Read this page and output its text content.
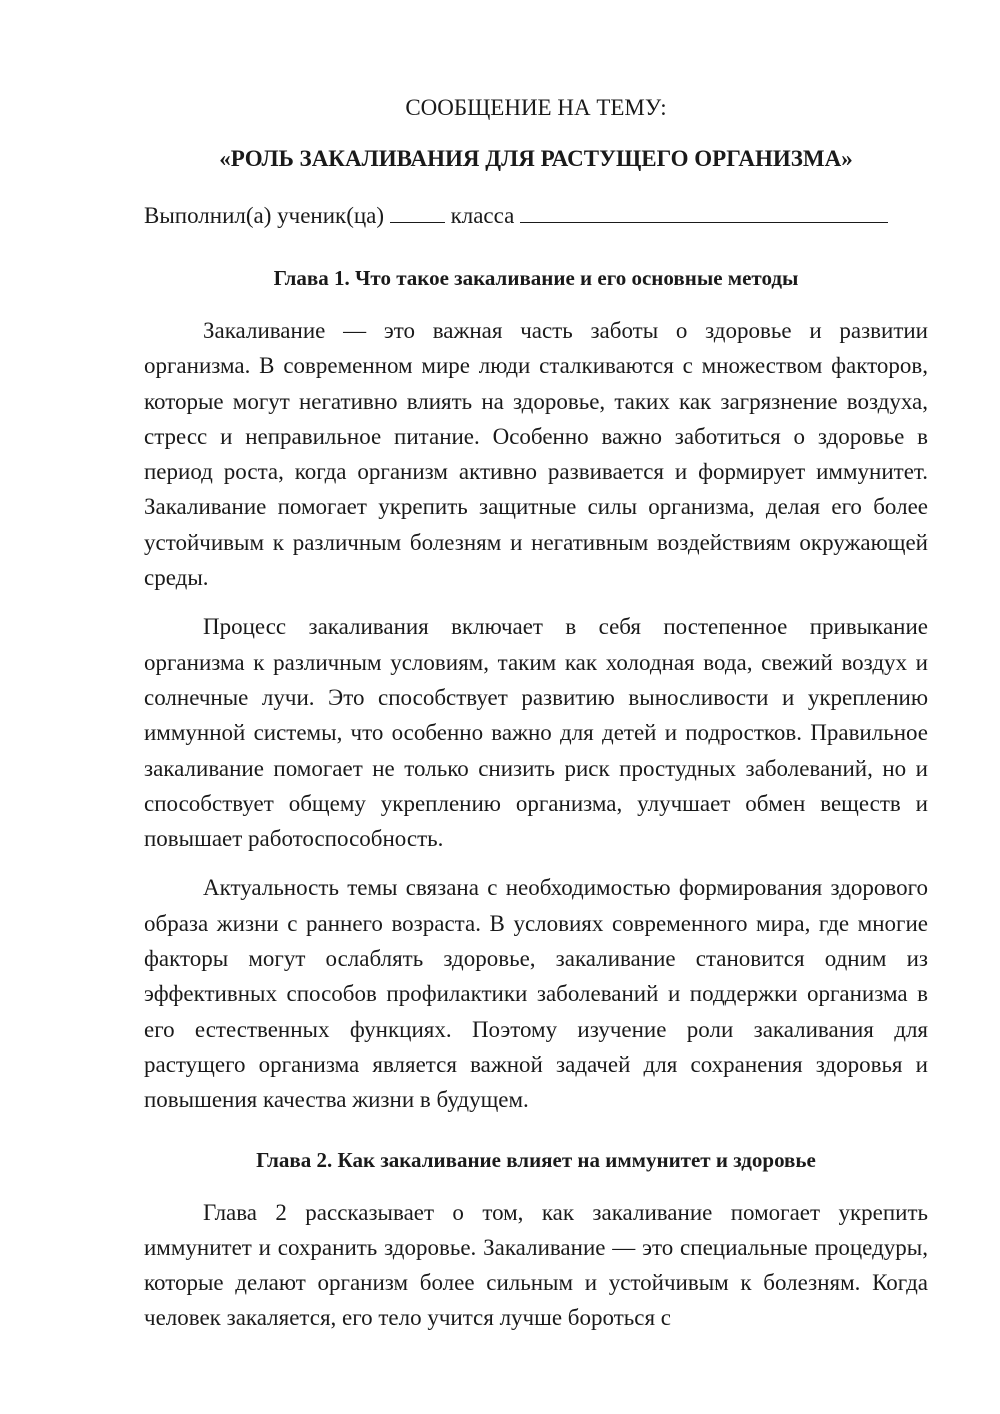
СООБЩЕНИЕ НА ТЕМУ:

«РОЛЬ ЗАКАЛИВАНИЯ ДЛЯ РАСТУЩЕГО ОРГАНИЗМА»

Выполнил(а) ученик(ца)	класса

Глава 1. Что такое закаливание и его основные методы

Закаливание — это важная часть заботы о здоровье и развитии организма. В современном мире люди сталкиваются с множеством факторов, которые могут негативно влиять на здоровье, таких как загрязнение воздуха, стресс и неправильное питание. Особенно важно заботиться о здоровье в период роста, когда организм активно развивается и формирует иммунитет. Закаливание помогает укрепить защитные силы организма, делая его более устойчивым к различным болезням и негативным воздействиям окружающей среды.

Процесс закаливания включает в себя постепенное привыкание организма к различным условиям, таким как холодная вода, свежий воздух и солнечные лучи. Это способствует развитию выносливости и укреплению иммунной системы, что особенно важно для детей и подростков. Правильное закаливание помогает не только снизить риск простудных заболеваний, но и способствует общему укреплению организма, улучшает обмен веществ и повышает работоспособность.

Актуальность темы связана с необходимостью формирования здорового образа жизни с раннего возраста. В условиях современного мира, где многие факторы могут ослаблять здоровье, закаливание становится одним из эффективных способов профилактики заболеваний и поддержки организма в его естественных функциях. Поэтому изучение роли закаливания для растущего организма является важной задачей для сохранения здоровья и повышения качества жизни в будущем.

Глава 2. Как закаливание влияет на иммунитет и здоровье

Глава 2 рассказывает о том, как закаливание помогает укрепить иммунитет и сохранить здоровье. Закаливание — это специальные процедуры, которые делают организм более сильным и устойчивым к болезням. Когда человек закаляется, его тело учится лучше бороться с
